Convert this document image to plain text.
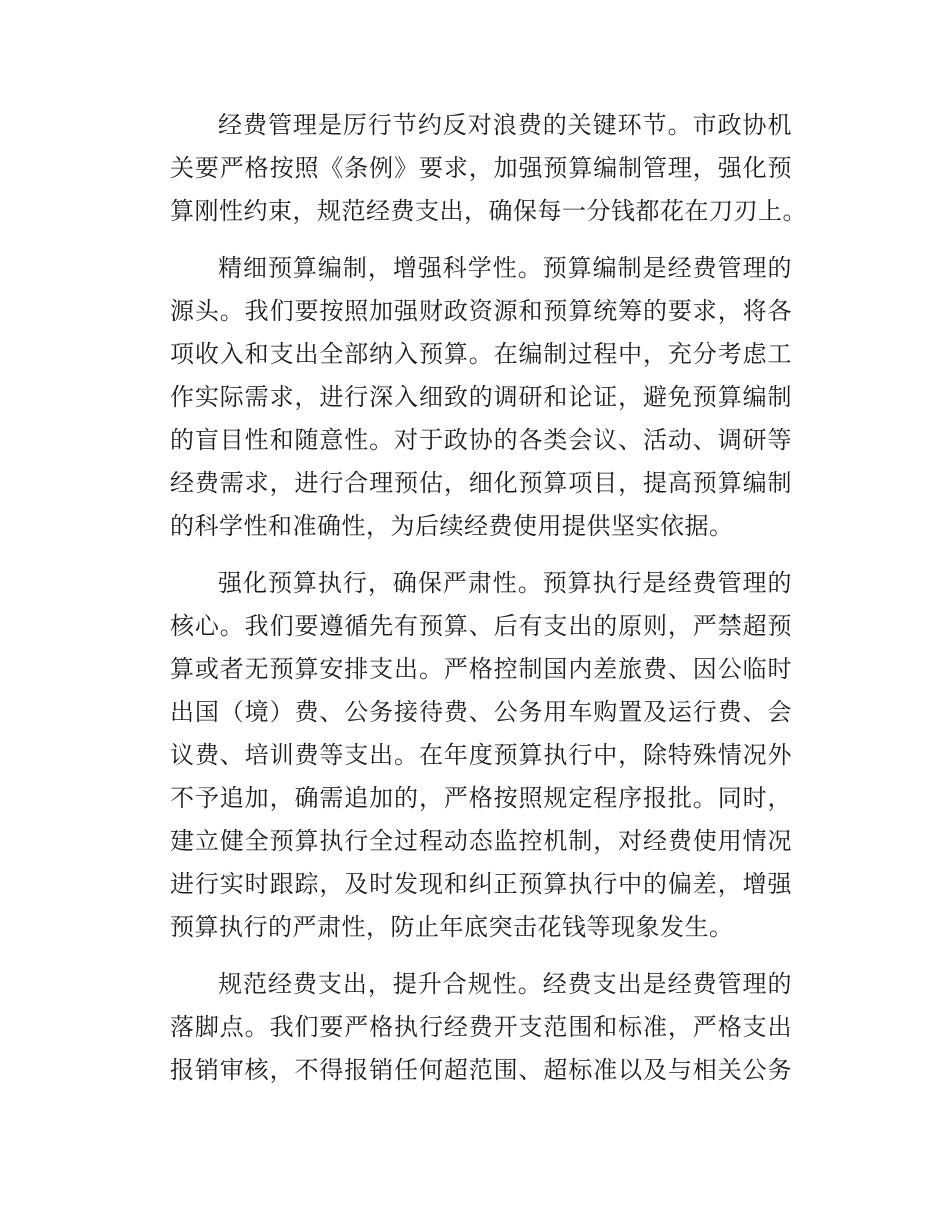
经费管理是厉行节约反对浪费的关键环节。市政协机
关要严格按照《条例》要求，加强预算编制管理，强化预
算刚性约束，规范经费支出，确保每一分钱都花在刀刃上。
精细预算编制，增强科学性。预算编制是经费管理的
源头。我们要按照加强财政资源和预算统筹的要求，将各
项收入和支出全部纳入预算。在编制过程中，充分考虑工
作实际需求，进行深入细致的调研和论证，避免预算编制
的盲目性和随意性。对于政协的各类会议、活动、调研等
经费需求，进行合理预估，细化预算项目，提高预算编制
的科学性和准确性，为后续经费使用提供坚实依据。
强化预算执行，确保严肃性。预算执行是经费管理的
核心。我们要遵循先有预算、后有支出的原则，严禁超预
算或者无预算安排支出。严格控制国内差旅费、因公临时
出国（境）费、公务接待费、公务用车购置及运行费、会
议费、培训费等支出。在年度预算执行中，除特殊情况外
不予追加，确需追加的，严格按照规定程序报批。同时，
建立健全预算执行全过程动态监控机制，对经费使用情况
进行实时跟踪，及时发现和纠正预算执行中的偏差，增强
预算执行的严肃性，防止年底突击花钱等现象发生。
规范经费支出，提升合规性。经费支出是经费管理的
落脚点。我们要严格执行经费开支范围和标准，严格支出
报销审核，不得报销任何超范围、超标准以及与相关公务
